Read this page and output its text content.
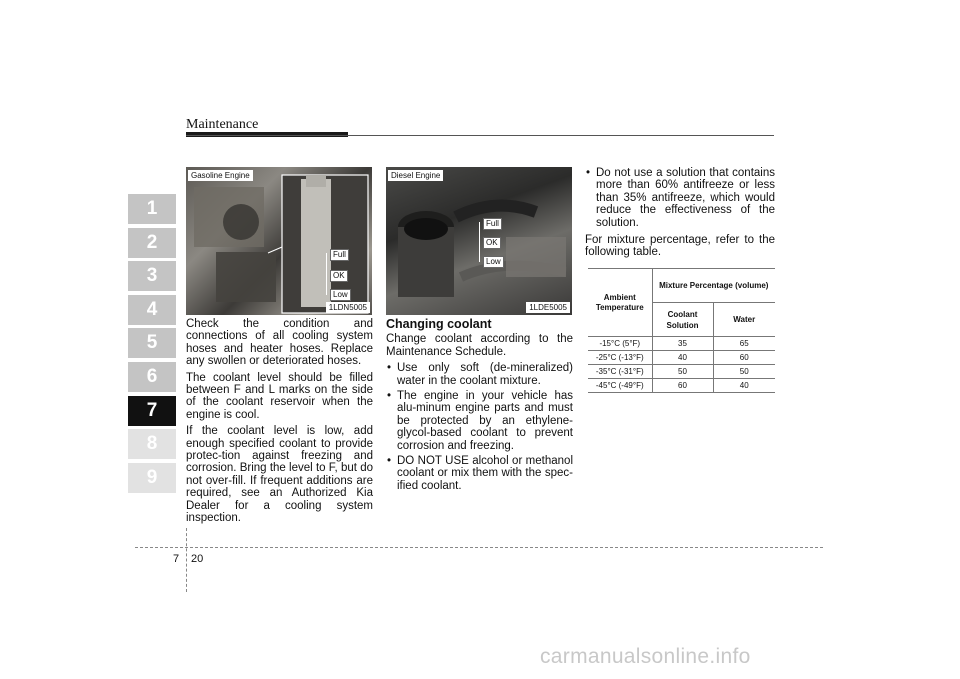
Maintenance
1
2
3
4
5
6
7
8
9
Gasoline Engine
Full
OK
Low
1LDN5005
Diesel Engine
Full
OK
Low
1LDE5005

Check the condition and connections of all cooling system hoses and heater hoses. Replace any swollen or deteriorated hoses.

The coolant level should be filled between F and L marks on the side of the coolant reservoir when the engine is cool.

If the coolant level is low, add enough specified coolant to provide protec-tion against freezing and corrosion. Bring the level to F, but do not over-fill. If frequent additions are required, see an Authorized Kia Dealer for a cooling system inspection.

Changing coolant

Change coolant according to the Maintenance Schedule.

• Use only soft (de-mineralized) water in the coolant mixture.
• The engine in your vehicle has alu-minum engine parts and must be protected by an ethylene-glycol-based coolant to prevent corrosion and freezing.
• DO NOT USE alcohol or methanol coolant or mix them with the spec-ified coolant.
• Do not use a solution that contains more than 60% antifreeze or less than 35% antifreeze, which would reduce the effectiveness of the solution.

For mixture percentage, refer to the following table.

Ambient Temperature	Mixture Percentage (volume)	
	Coolant Solution	Water
-15°C (5°F)	35	65
-25°C (-13°F)	40	60
-35°C (-31°F)	50	50
-45°C (-49°F)	60	40
7 20
carmanualsonline.info
